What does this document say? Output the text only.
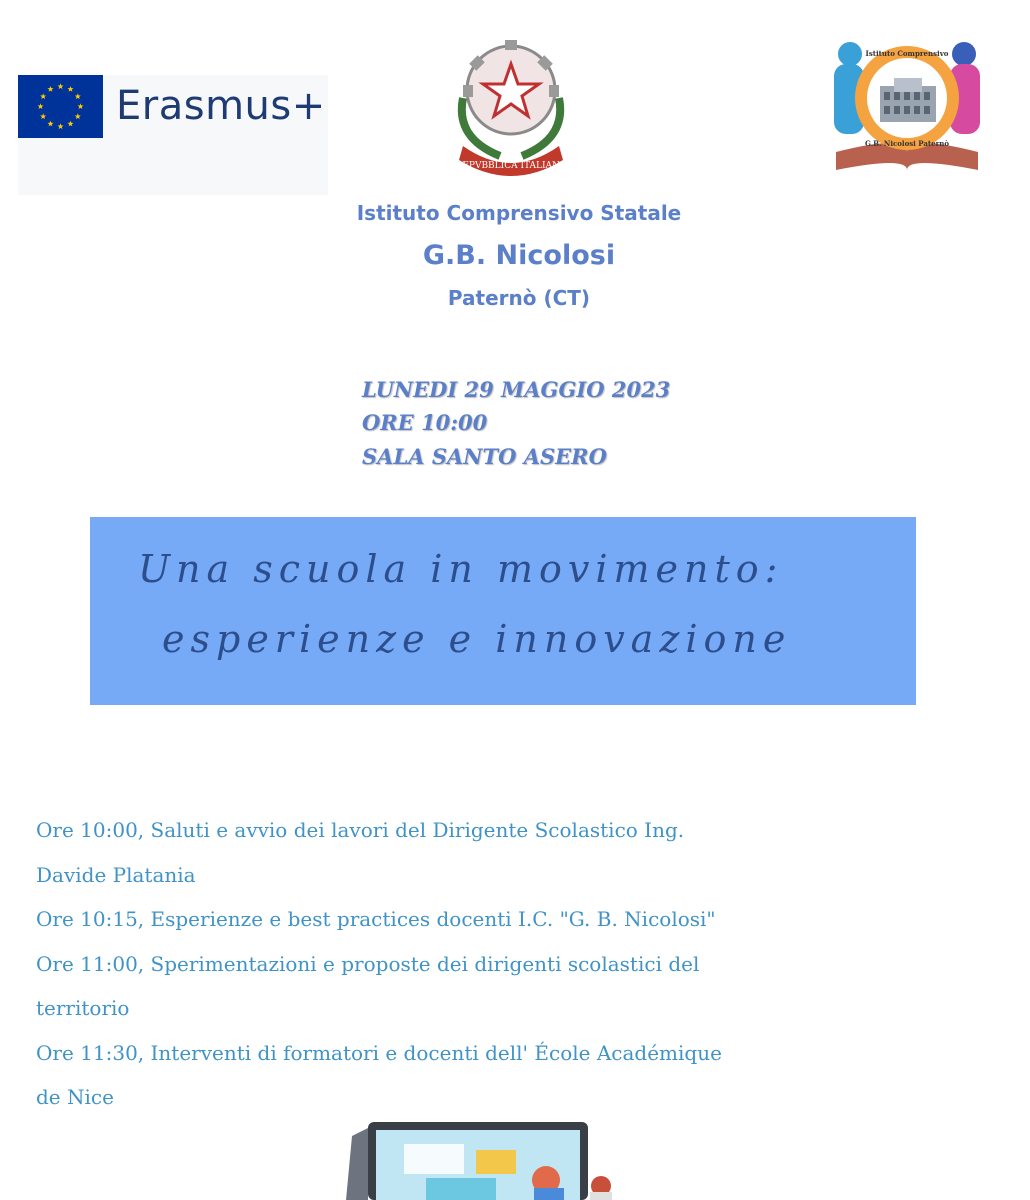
Erasmus+
REPVBBLICA ITALIANA
Istituto Comprensivo
G.B. Nicolosi Paternò
Istituto Comprensivo Statale
G.B. Nicolosi
Paternò (CT)
LUNEDI 29 MAGGIO 2023
ORE 10:00
SALA SANTO ASERO
Una scuola in movimento:
esperienze e innovazione
Ore 10:00, Saluti e avvio dei lavori del Dirigente Scolastico Ing.
Davide Platania
Ore 10:15, Esperienze e best practices docenti I.C. "G. B. Nicolosi"
Ore 11:00, Sperimentazioni e proposte dei dirigenti scolastici del
territorio
Ore 11:30, Interventi di formatori e docenti dell' École Académique
de Nice
